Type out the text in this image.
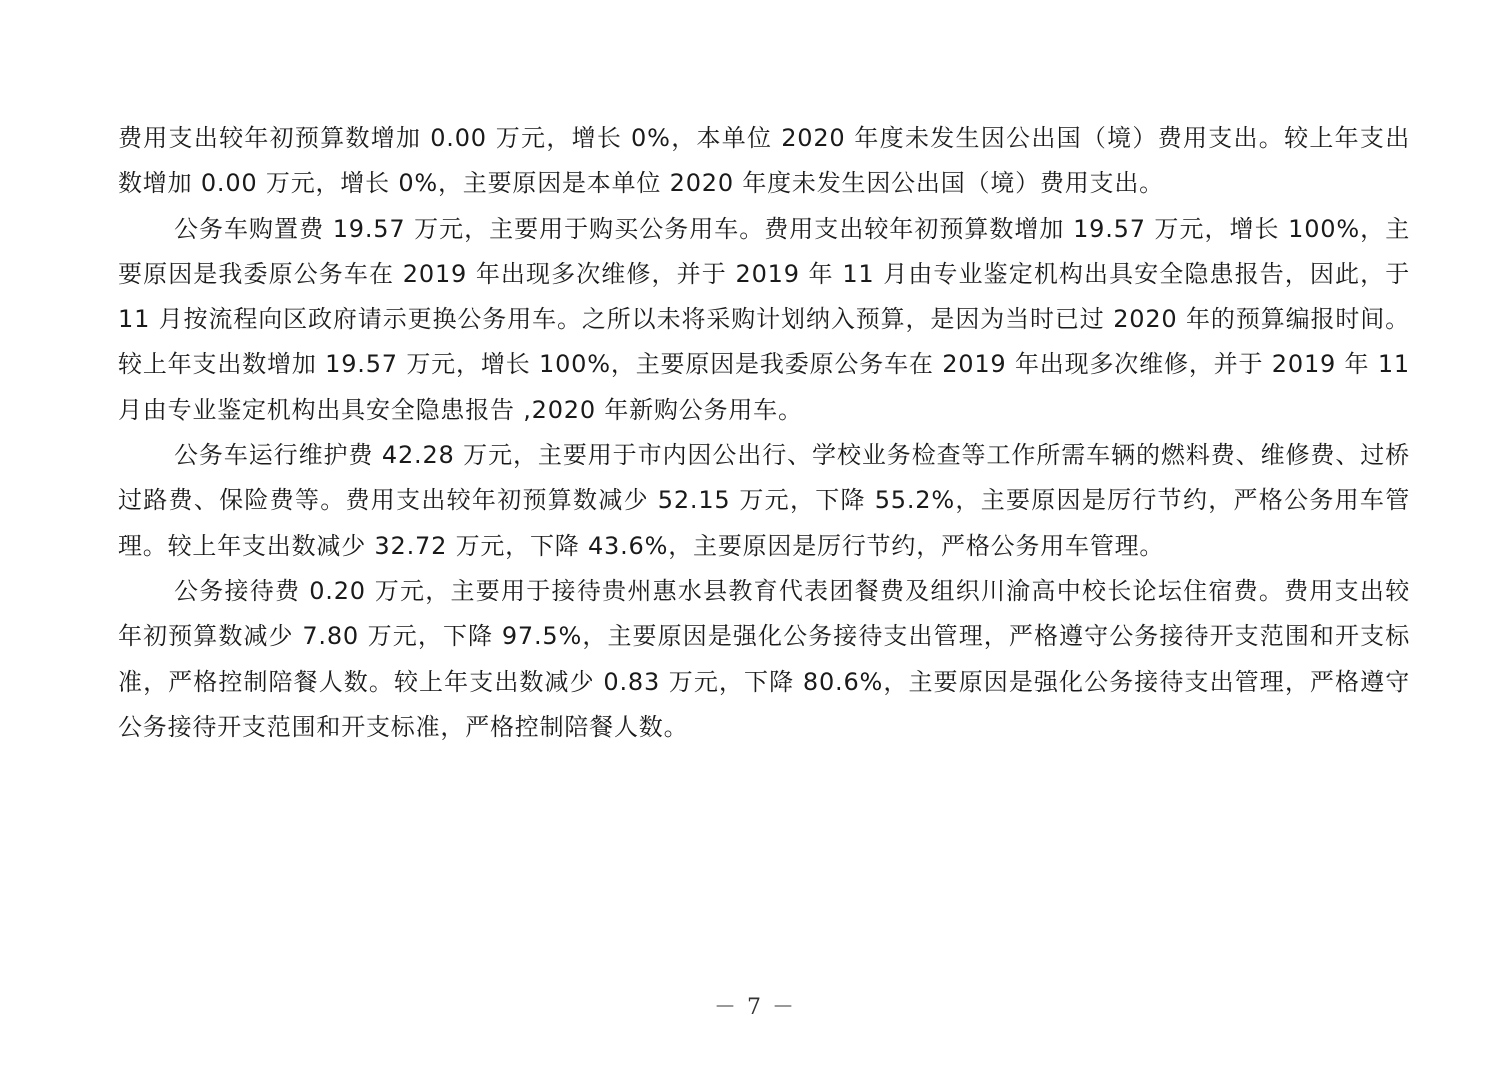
费用支出较年初预算数增加 0.00 万元，增长 0%，本单位 2020 年度未发生因公出国（境）费用支出。较上年支出数增加 0.00 万元，增长 0%，主要原因是本单位 2020 年度未发生因公出国（境）费用支出。

公务车购置费 19.57 万元，主要用于购买公务用车。费用支出较年初预算数增加 19.57 万元，增长 100%，主要原因是我委原公务车在 2019 年出现多次维修，并于 2019 年 11 月由专业鉴定机构出具安全隐患报告，因此，于 11 月按流程向区政府请示更换公务用车。之所以未将采购计划纳入预算，是因为当时已过 2020 年的预算编报时间。较上年支出数增加 19.57 万元，增长 100%，主要原因是我委原公务车在 2019 年出现多次维修，并于 2019 年 11 月由专业鉴定机构出具安全隐患报告 ,2020 年新购公务用车。

公务车运行维护费 42.28 万元，主要用于市内因公出行、学校业务检查等工作所需车辆的燃料费、维修费、过桥过路费、保险费等。费用支出较年初预算数减少 52.15 万元，下降 55.2%，主要原因是厉行节约，严格公务用车管理。较上年支出数减少 32.72 万元，下降 43.6%，主要原因是厉行节约，严格公务用车管理。

公务接待费 0.20 万元，主要用于接待贵州惠水县教育代表团餐费及组织川渝高中校长论坛住宿费。费用支出较年初预算数减少 7.80 万元，下降 97.5%，主要原因是强化公务接待支出管理，严格遵守公务接待开支范围和开支标准，严格控制陪餐人数。较上年支出数减少 0.83 万元，下降 80.6%，主要原因是强化公务接待支出管理，严格遵守公务接待开支范围和开支标准，严格控制陪餐人数。

－ 7 －
